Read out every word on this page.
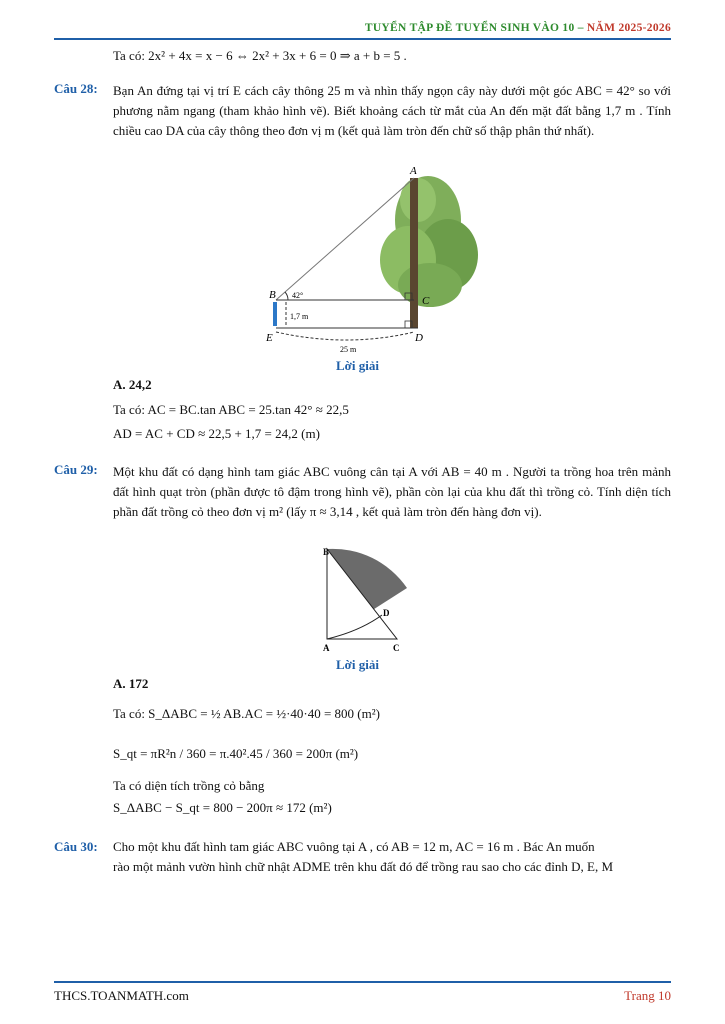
TUYỂN TẬP ĐỀ TUYỂN SINH VÀO 10 – NĂM 2025-2026
Ta có: 2x² + 4x = x − 6 ⇔ 2x² + 3x + 6 = 0 ⇒ a + b = 5 .
Câu 28: Bạn An đứng tại vị trí E cách cây thông 25 m và nhìn thấy ngọn cây này dưới một góc ABC = 42° so với phương nằm ngang (tham khảo hình vẽ). Biết khoảng cách từ mắt của An đến mặt đất bằng 1,7 m . Tính chiều cao DA của cây thông theo đơn vị m (kết quả làm tròn đến chữ số thập phân thứ nhất).
A
B	C
D
E
42°
1,7 m
25 m
Lời giải
A. 24,2
Ta có: AC = BC.tan ABC = 25.tan 42° ≈ 22,5
AD = AC + CD ≈ 22,5 + 1,7 = 24,2 (m)
Câu 29: Một khu đất có dạng hình tam giác ABC vuông cân tại A với AB = 40 m . Người ta trồng hoa trên mảnh đất hình quạt tròn (phần được tô đậm trong hình vẽ), phần còn lại của khu đất thì trồng cỏ. Tính diện tích phần đất trồng cỏ theo đơn vị m² (lấy π ≈ 3,14 , kết quả làm tròn đến hàng đơn vị).
B
A	C
D
Lời giải
A. 172
Ta có: S_ΔABC = ½ AB.AC = ½·40·40 = 800 (m²)
S_qt = πR²n / 360 = π.40².45 / 360 = 200π (m²)
Ta có diện tích trồng cỏ bằng
S_ΔABC − S_qt = 800 − 200π ≈ 172 (m²)
Câu 30: Cho một khu đất hình tam giác ABC vuông tại A , có AB = 12 m, AC = 16 m . Bác An muốn
rào một mảnh vườn hình chữ nhật ADME trên khu đất đó để trồng rau sao cho các đỉnh D, E, M
THCS.TOANMATH.com	Trang 10
